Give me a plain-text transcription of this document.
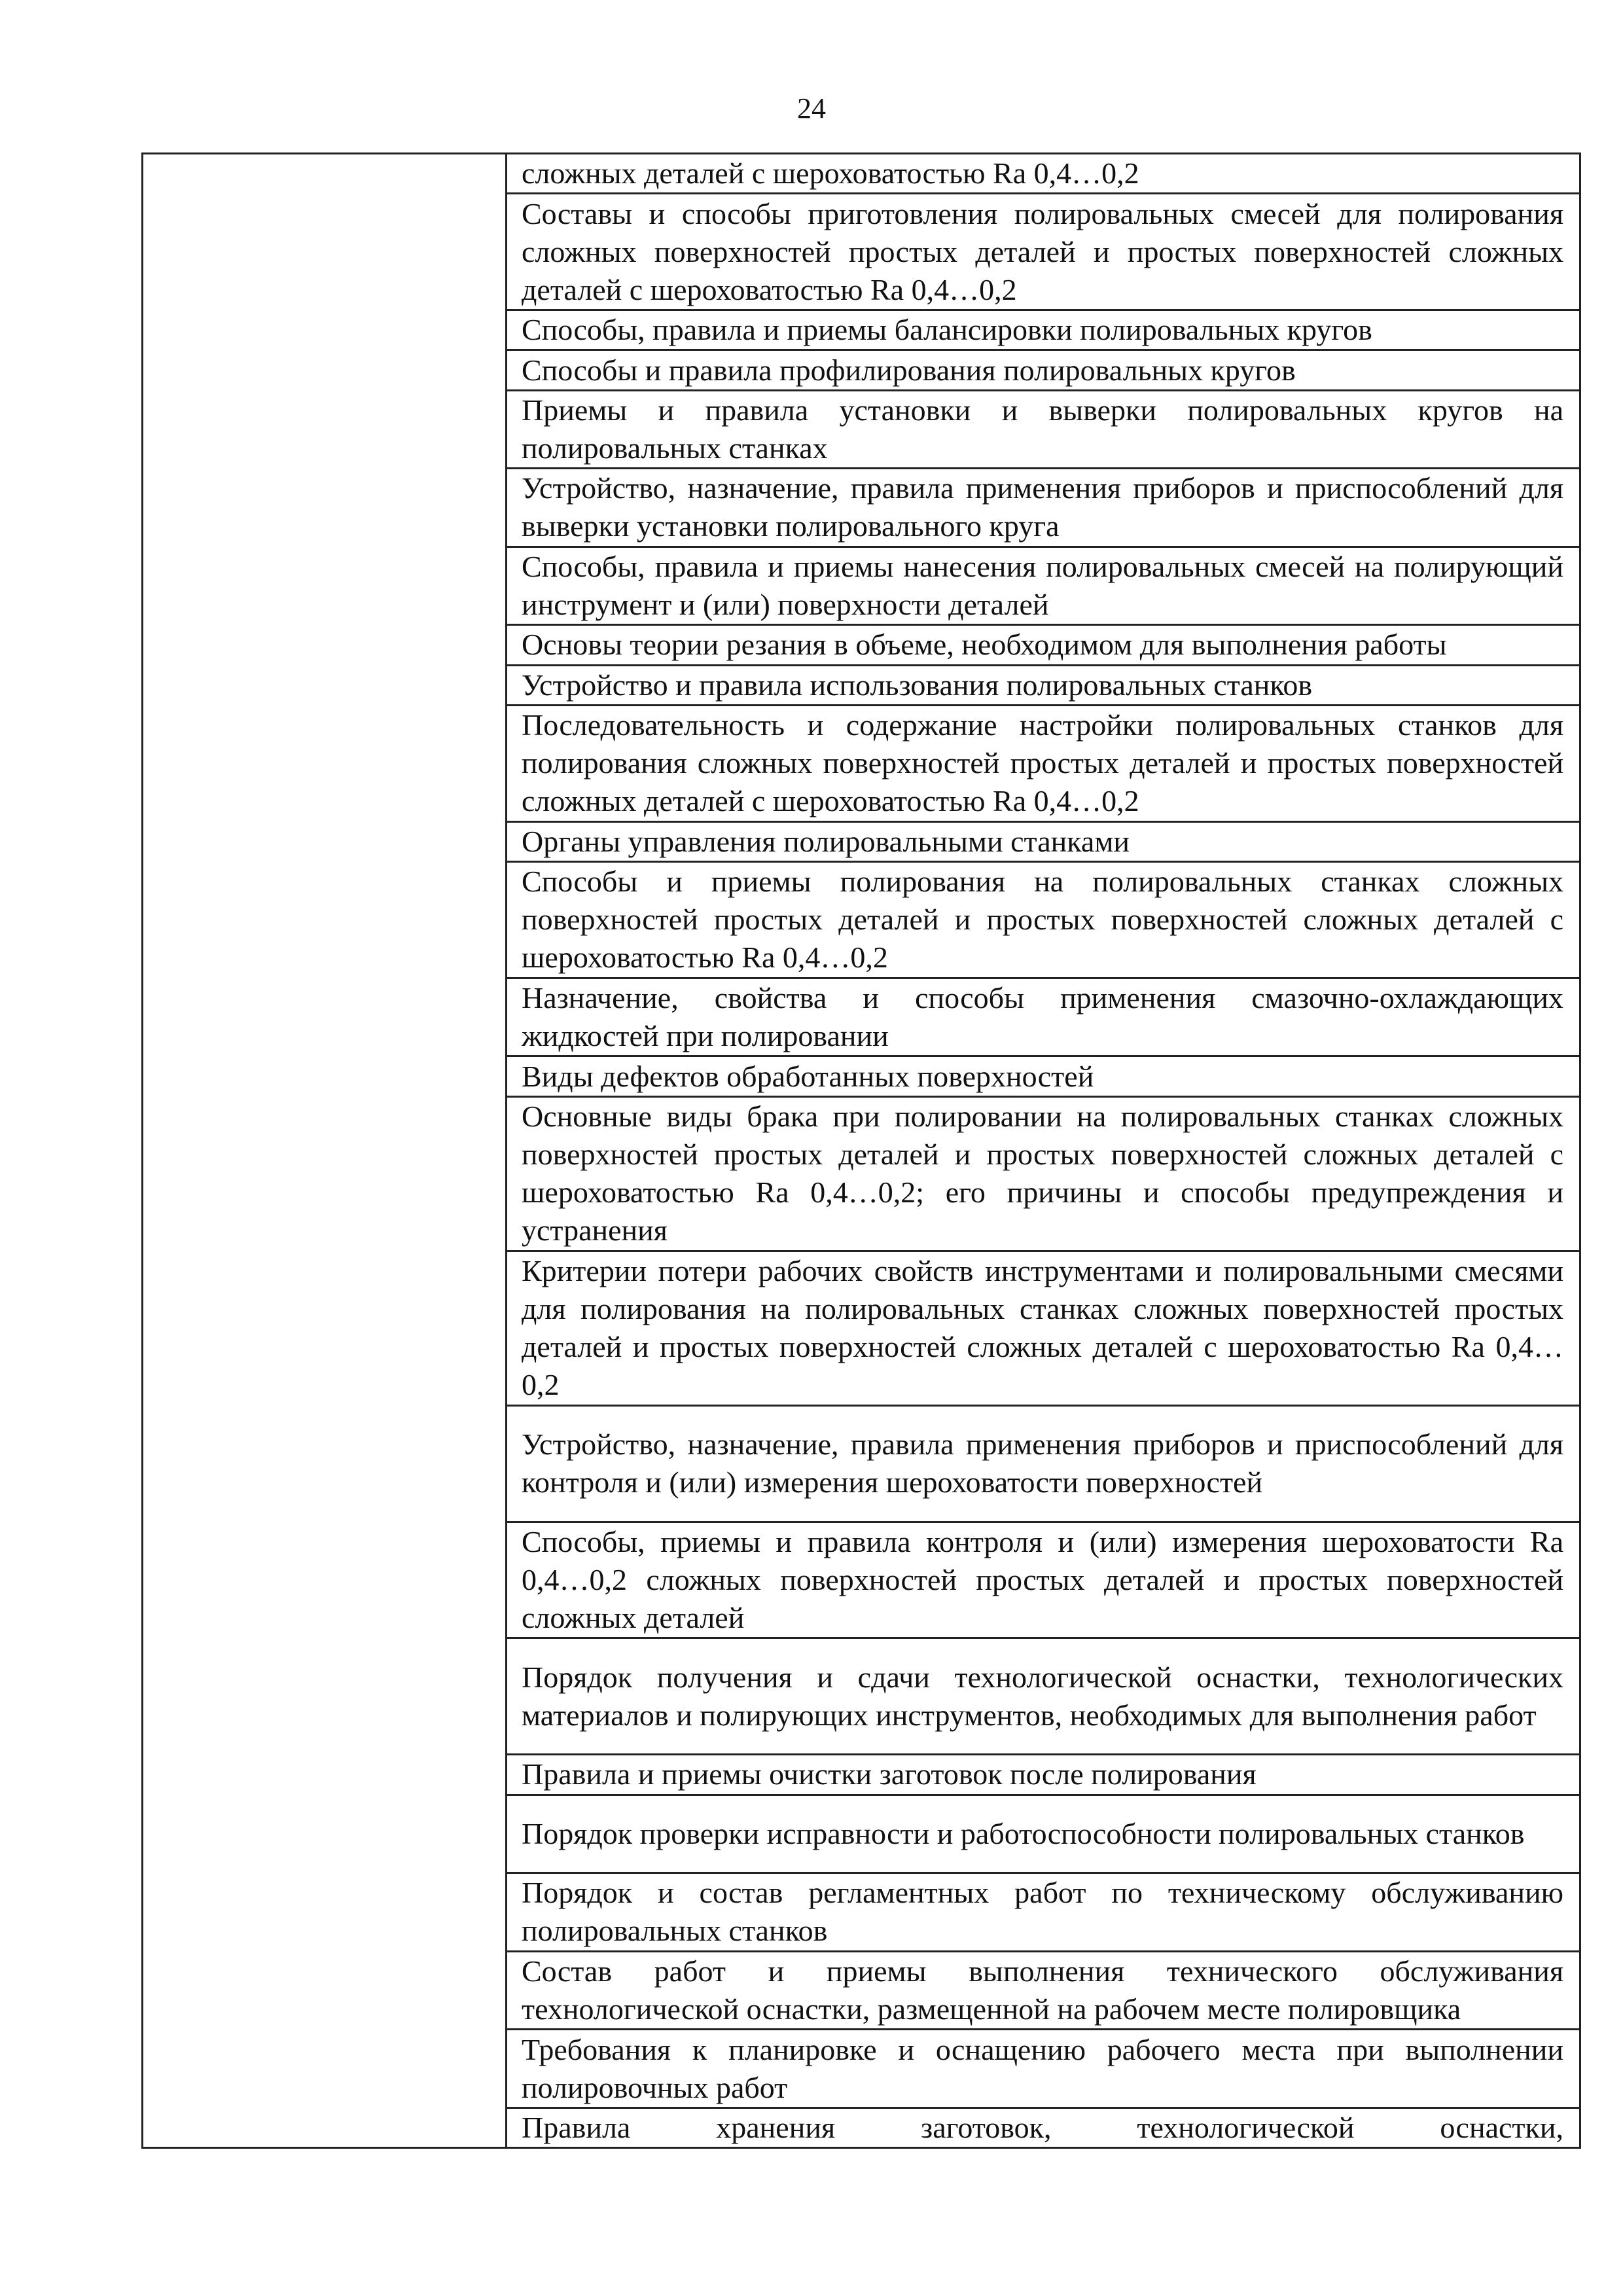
24
сложных деталей с шероховатостью Ra 0,4…0,2
Составы и способы приготовления полировальных смесей для полирования сложных поверхностей простых деталей и простых поверхностей сложных деталей с шероховатостью Ra 0,4…0,2
Способы, правила и приемы балансировки полировальных кругов
Способы и правила профилирования полировальных кругов
Приемы и правила установки и выверки полировальных кругов на полировальных станках
Устройство, назначение, правила применения приборов и приспособлений для выверки установки полировального круга
Способы, правила и приемы нанесения полировальных смесей на полирующий инструмент и (или) поверхности деталей
Основы теории резания в объеме, необходимом для выполнения работы
Устройство и правила использования полировальных станков
Последовательность и содержание настройки полировальных станков для полирования сложных поверхностей простых деталей и простых поверхностей сложных деталей с шероховатостью Ra 0,4…0,2
Органы управления полировальными станками
Способы и приемы полирования на полировальных станках сложных поверхностей простых деталей и простых поверхностей сложных деталей с шероховатостью Ra 0,4…0,2
Назначение, свойства и способы применения смазочно-охлаждающих жидкостей при полировании
Виды дефектов обработанных поверхностей
Основные виды брака при полировании на полировальных станках сложных поверхностей простых деталей и простых поверхностей сложных деталей с шероховатостью Ra 0,4…0,2; его причины и способы предупреждения и устранения
Критерии потери рабочих свойств инструментами и полировальными смесями для полирования на полировальных станках сложных поверхностей простых деталей и простых поверхностей сложных деталей с шероховатостью Ra 0,4…0,2
Устройство, назначение, правила применения приборов и приспособлений для контроля и (или) измерения шероховатости поверхностей
Способы, приемы и правила контроля и (или) измерения шероховатости Ra 0,4…0,2 сложных поверхностей простых деталей и простых поверхностей сложных деталей
Порядок получения и сдачи технологической оснастки, технологических материалов и полирующих инструментов, необходимых для выполнения работ
Правила и приемы очистки заготовок после полирования
Порядок проверки исправности и работоспособности полировальных станков
Порядок и состав регламентных работ по техническому обслуживанию полировальных станков
Состав работ и приемы выполнения технического обслуживания технологической оснастки, размещенной на рабочем месте полировщика
Требования к планировке и оснащению рабочего места при выполнении полировочных работ
Правила хранения заготовок, технологической оснастки,
